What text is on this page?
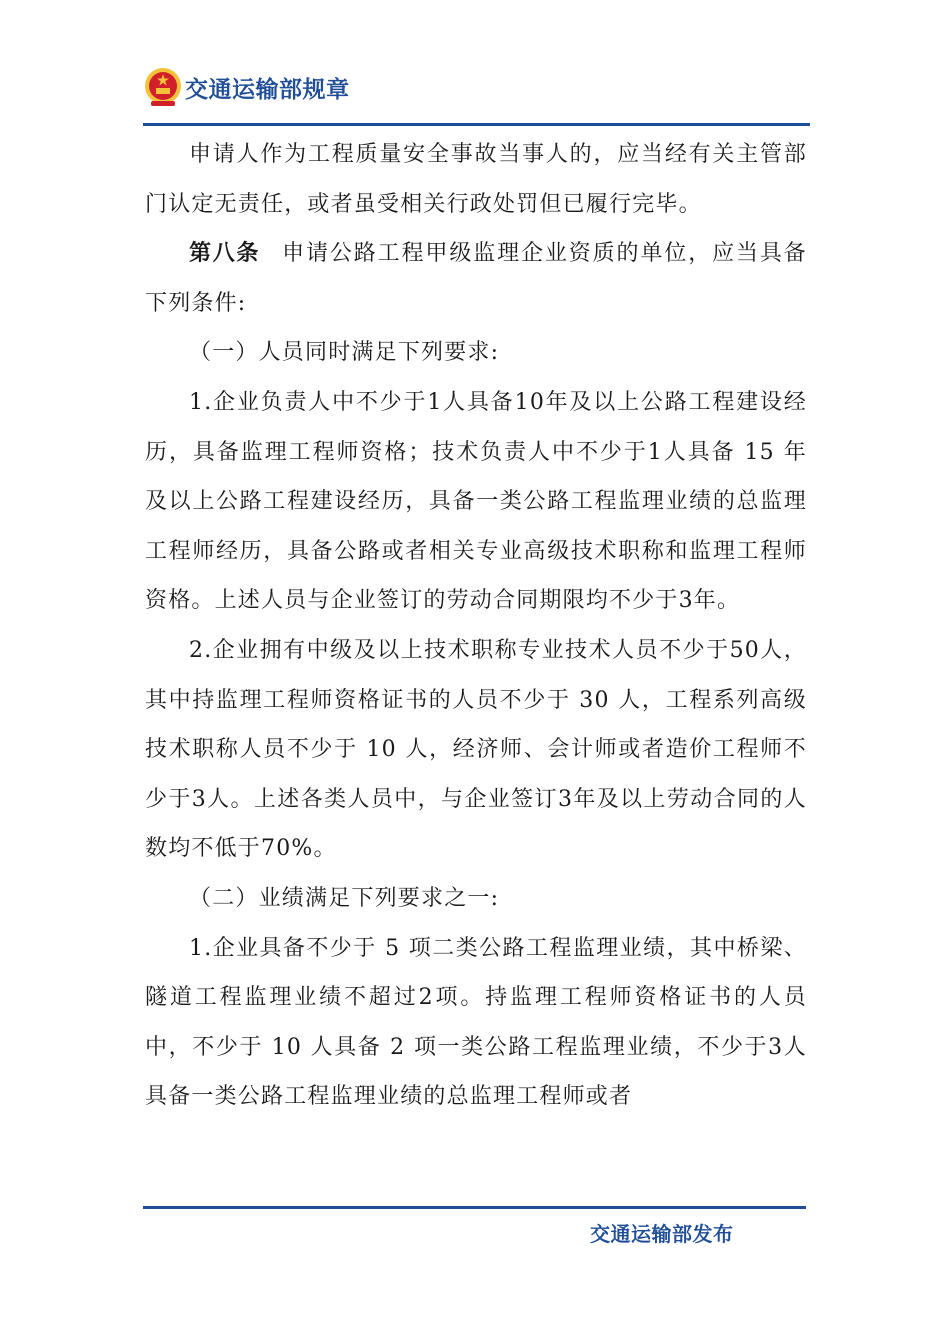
交通运输部规章

申请人作为工程质量安全事故当事人的，应当经有关主管部门认定无责任，或者虽受相关行政处罚但已履行完毕。

第八条 申请公路工程甲级监理企业资质的单位，应当具备下列条件:

（一）人员同时满足下列要求:

1.企业负责人中不少于1人具备10年及以上公路工程建设经历，具备监理工程师资格；技术负责人中不少于1人具备 15 年及以上公路工程建设经历，具备一类公路工程监理业绩的总监理工程师经历，具备公路或者相关专业高级技术职称和监理工程师资格。上述人员与企业签订的劳动合同期限均不少于3年。

2.企业拥有中级及以上技术职称专业技术人员不少于50人，其中持监理工程师资格证书的人员不少于 30 人，工程系列高级技术职称人员不少于 10 人，经济师、会计师或者造价工程师不少于3人。上述各类人员中，与企业签订3年及以上劳动合同的人数均不低于70%。

（二）业绩满足下列要求之一:

1.企业具备不少于 5 项二类公路工程监理业绩，其中桥梁、隧道工程监理业绩不超过2项。持监理工程师资格证书的人员中，不少于 10 人具备 2 项一类公路工程监理业绩，不少于3人具备一类公路工程监理业绩的总监理工程师或者

交通运输部发布
